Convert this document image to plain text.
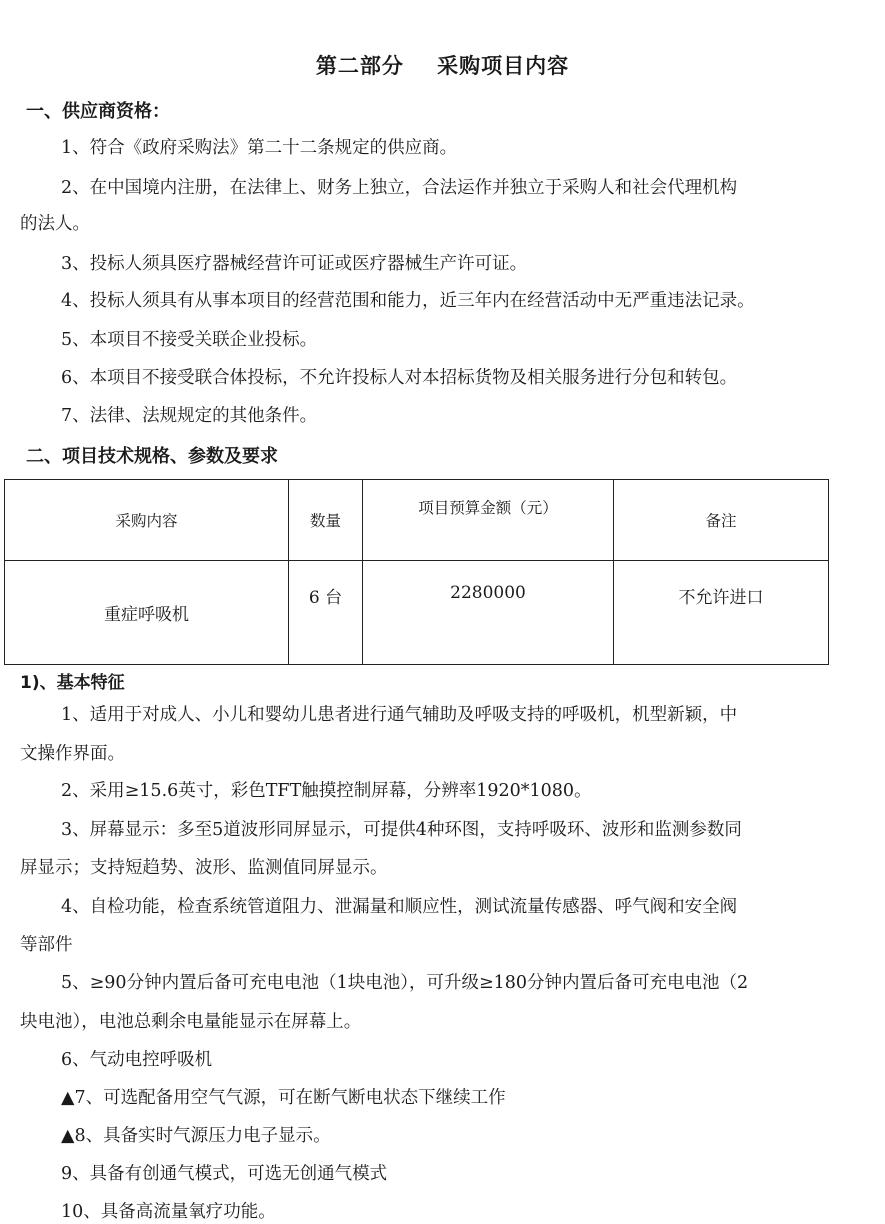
第二部分    采购项目内容
一、供应商资格：
1、符合《政府采购法》第二十二条规定的供应商。
2、在中国境内注册，在法律上、财务上独立，合法运作并独立于采购人和社会代理机构
的法人。
3、投标人须具医疗器械经营许可证或医疗器械生产许可证。
4、投标人须具有从事本项目的经营范围和能力，近三年内在经营活动中无严重违法记录。
5、本项目不接受关联企业投标。
6、本项目不接受联合体投标，不允许投标人对本招标货物及相关服务进行分包和转包。
7、法律、法规规定的其他条件。
二、项目技术规格、参数及要求
采购内容	数量	项目预算金额（元）	备注
重症呼吸机	6 台	2280000	不允许进口
1)、基本特征
1、适用于对成人、小儿和婴幼儿患者进行通气辅助及呼吸支持的呼吸机，机型新颖，中
文操作界面。
2、采用≥15.6英寸，彩色TFT触摸控制屏幕，分辨率1920*1080。
3、屏幕显示：多至5道波形同屏显示，可提供4种环图，支持呼吸环、波形和监测参数同
屏显示；支持短趋势、波形、监测值同屏显示。
4、自检功能，检查系统管道阻力、泄漏量和顺应性，测试流量传感器、呼气阀和安全阀
等部件
5、≥90分钟内置后备可充电电池（1块电池），可升级≥180分钟内置后备可充电电池（2
块电池），电池总剩余电量能显示在屏幕上。
6、气动电控呼吸机
▲7、可选配备用空气气源，可在断气断电状态下继续工作
▲8、具备实时气源压力电子显示。
9、具备有创通气模式，可选无创通气模式
10、具备高流量氧疗功能。
